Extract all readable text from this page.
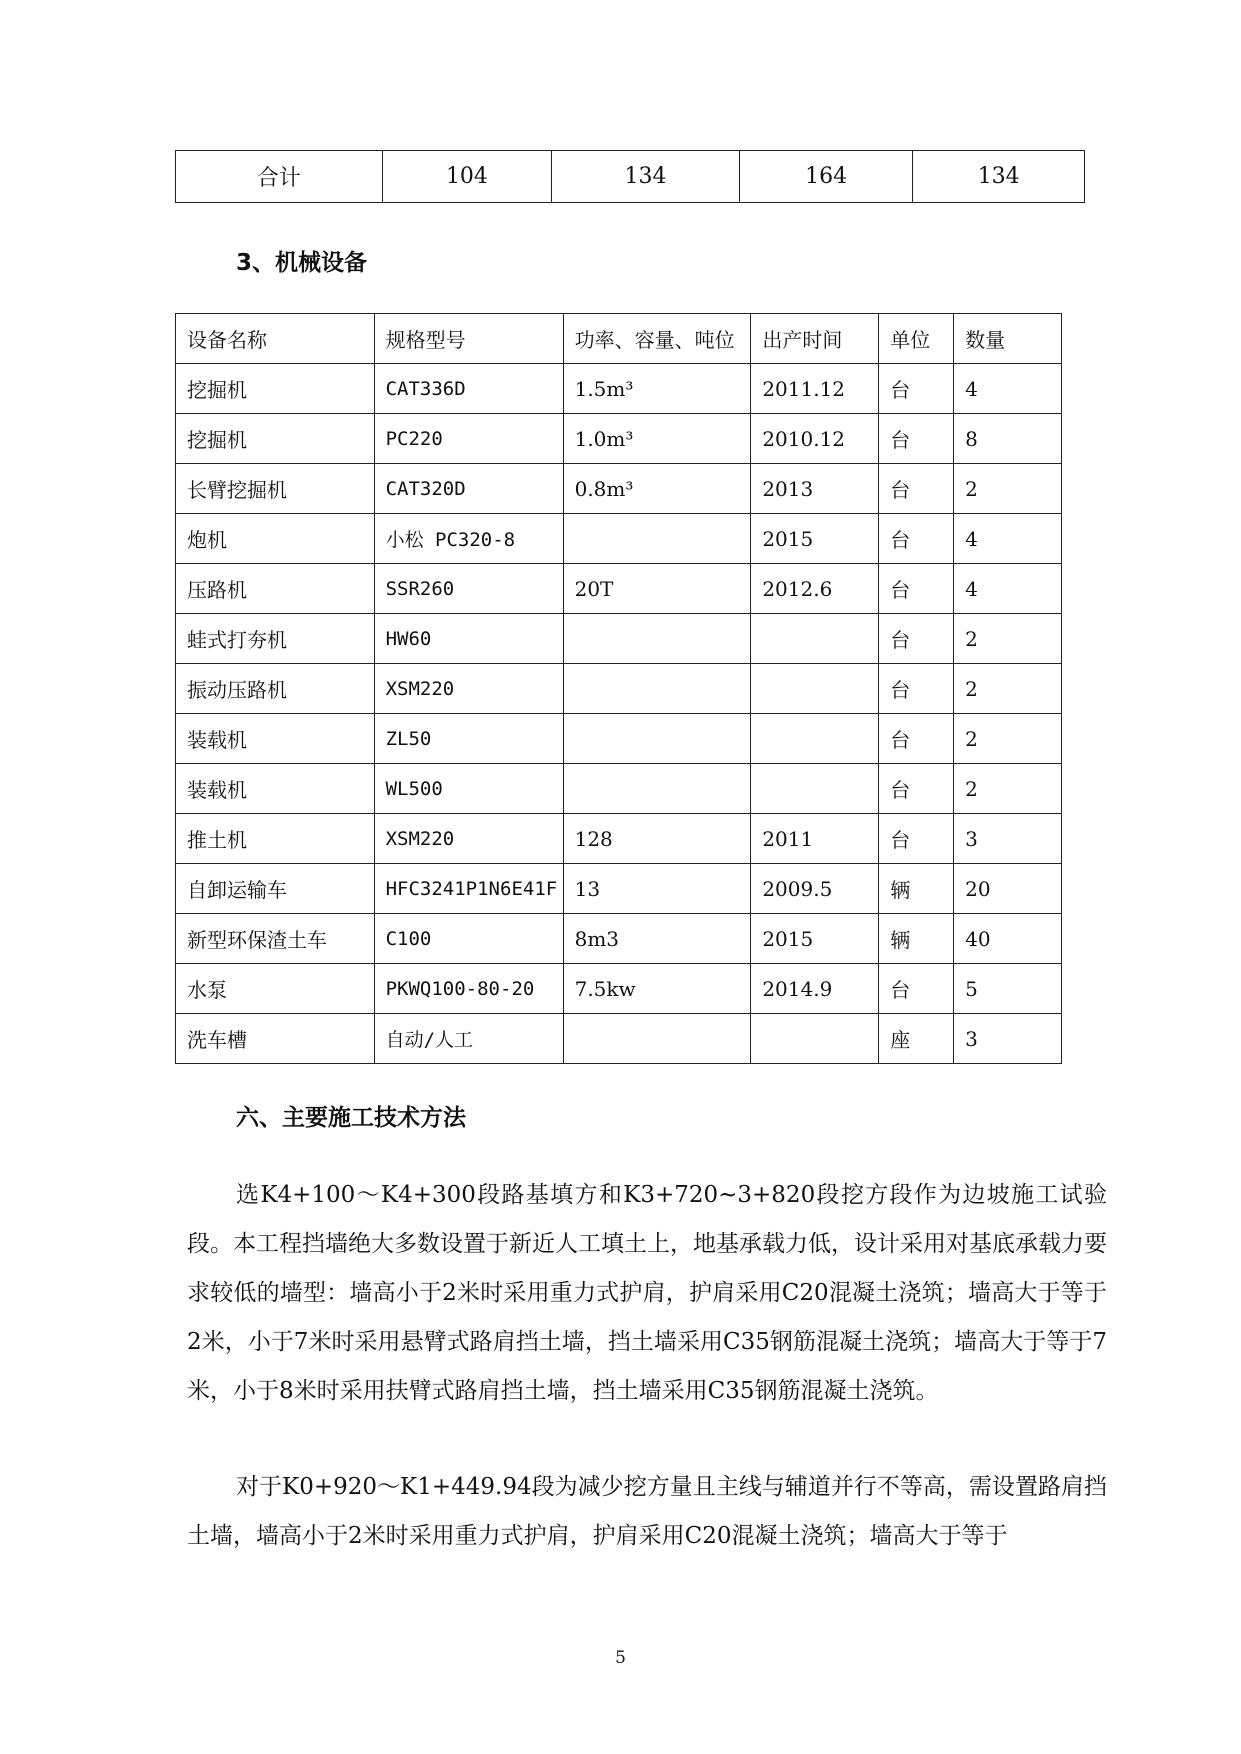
合计	104	134	164	134
3、机械设备
设备名称	规格型号	功率、容量、吨位	出产时间	单位	数量
挖掘机	CAT336D	1.5m³	2011.12	台	4
挖掘机	PC220	1.0m³	2010.12	台	8
长臂挖掘机	CAT320D	0.8m³	2013	台	2
炮机	小松 PC320-8		2015	台	4
压路机	SSR260	20T	2012.6	台	4
蛙式打夯机	HW60			台	2
振动压路机	XSM220			台	2
装载机	ZL50			台	2
装载机	WL500			台	2
推土机	XSM220	128	2011	台	3
自卸运输车	HFC3241P1N6E41F	13	2009.5	辆	20
新型环保渣土车	C100	8m3	2015	辆	40
水泵	PKWQ100-80-20	7.5kw	2014.9	台	5
洗车槽	自动/人工			座	3
六、主要施工技术方法

选K4+100～K4+300段路基填方和K3+720~3+820段挖方段作为边坡施工试验段。本工程挡墙绝大多数设置于新近人工填土上，地基承载力低，设计采用对基底承载力要求较低的墙型：墙高小于2米时采用重力式护肩，护肩采用C20混凝土浇筑；墙高大于等于2米，小于7米时采用悬臂式路肩挡土墙，挡土墙采用C35钢筋混凝土浇筑；墙高大于等于7米，小于8米时采用扶臂式路肩挡土墙，挡土墙采用C35钢筋混凝土浇筑。

对于K0+920～K1+449.94段为减少挖方量且主线与辅道并行不等高，需设置路肩挡土墙，墙高小于2米时采用重力式护肩，护肩采用C20混凝土浇筑；墙高大于等于

5
